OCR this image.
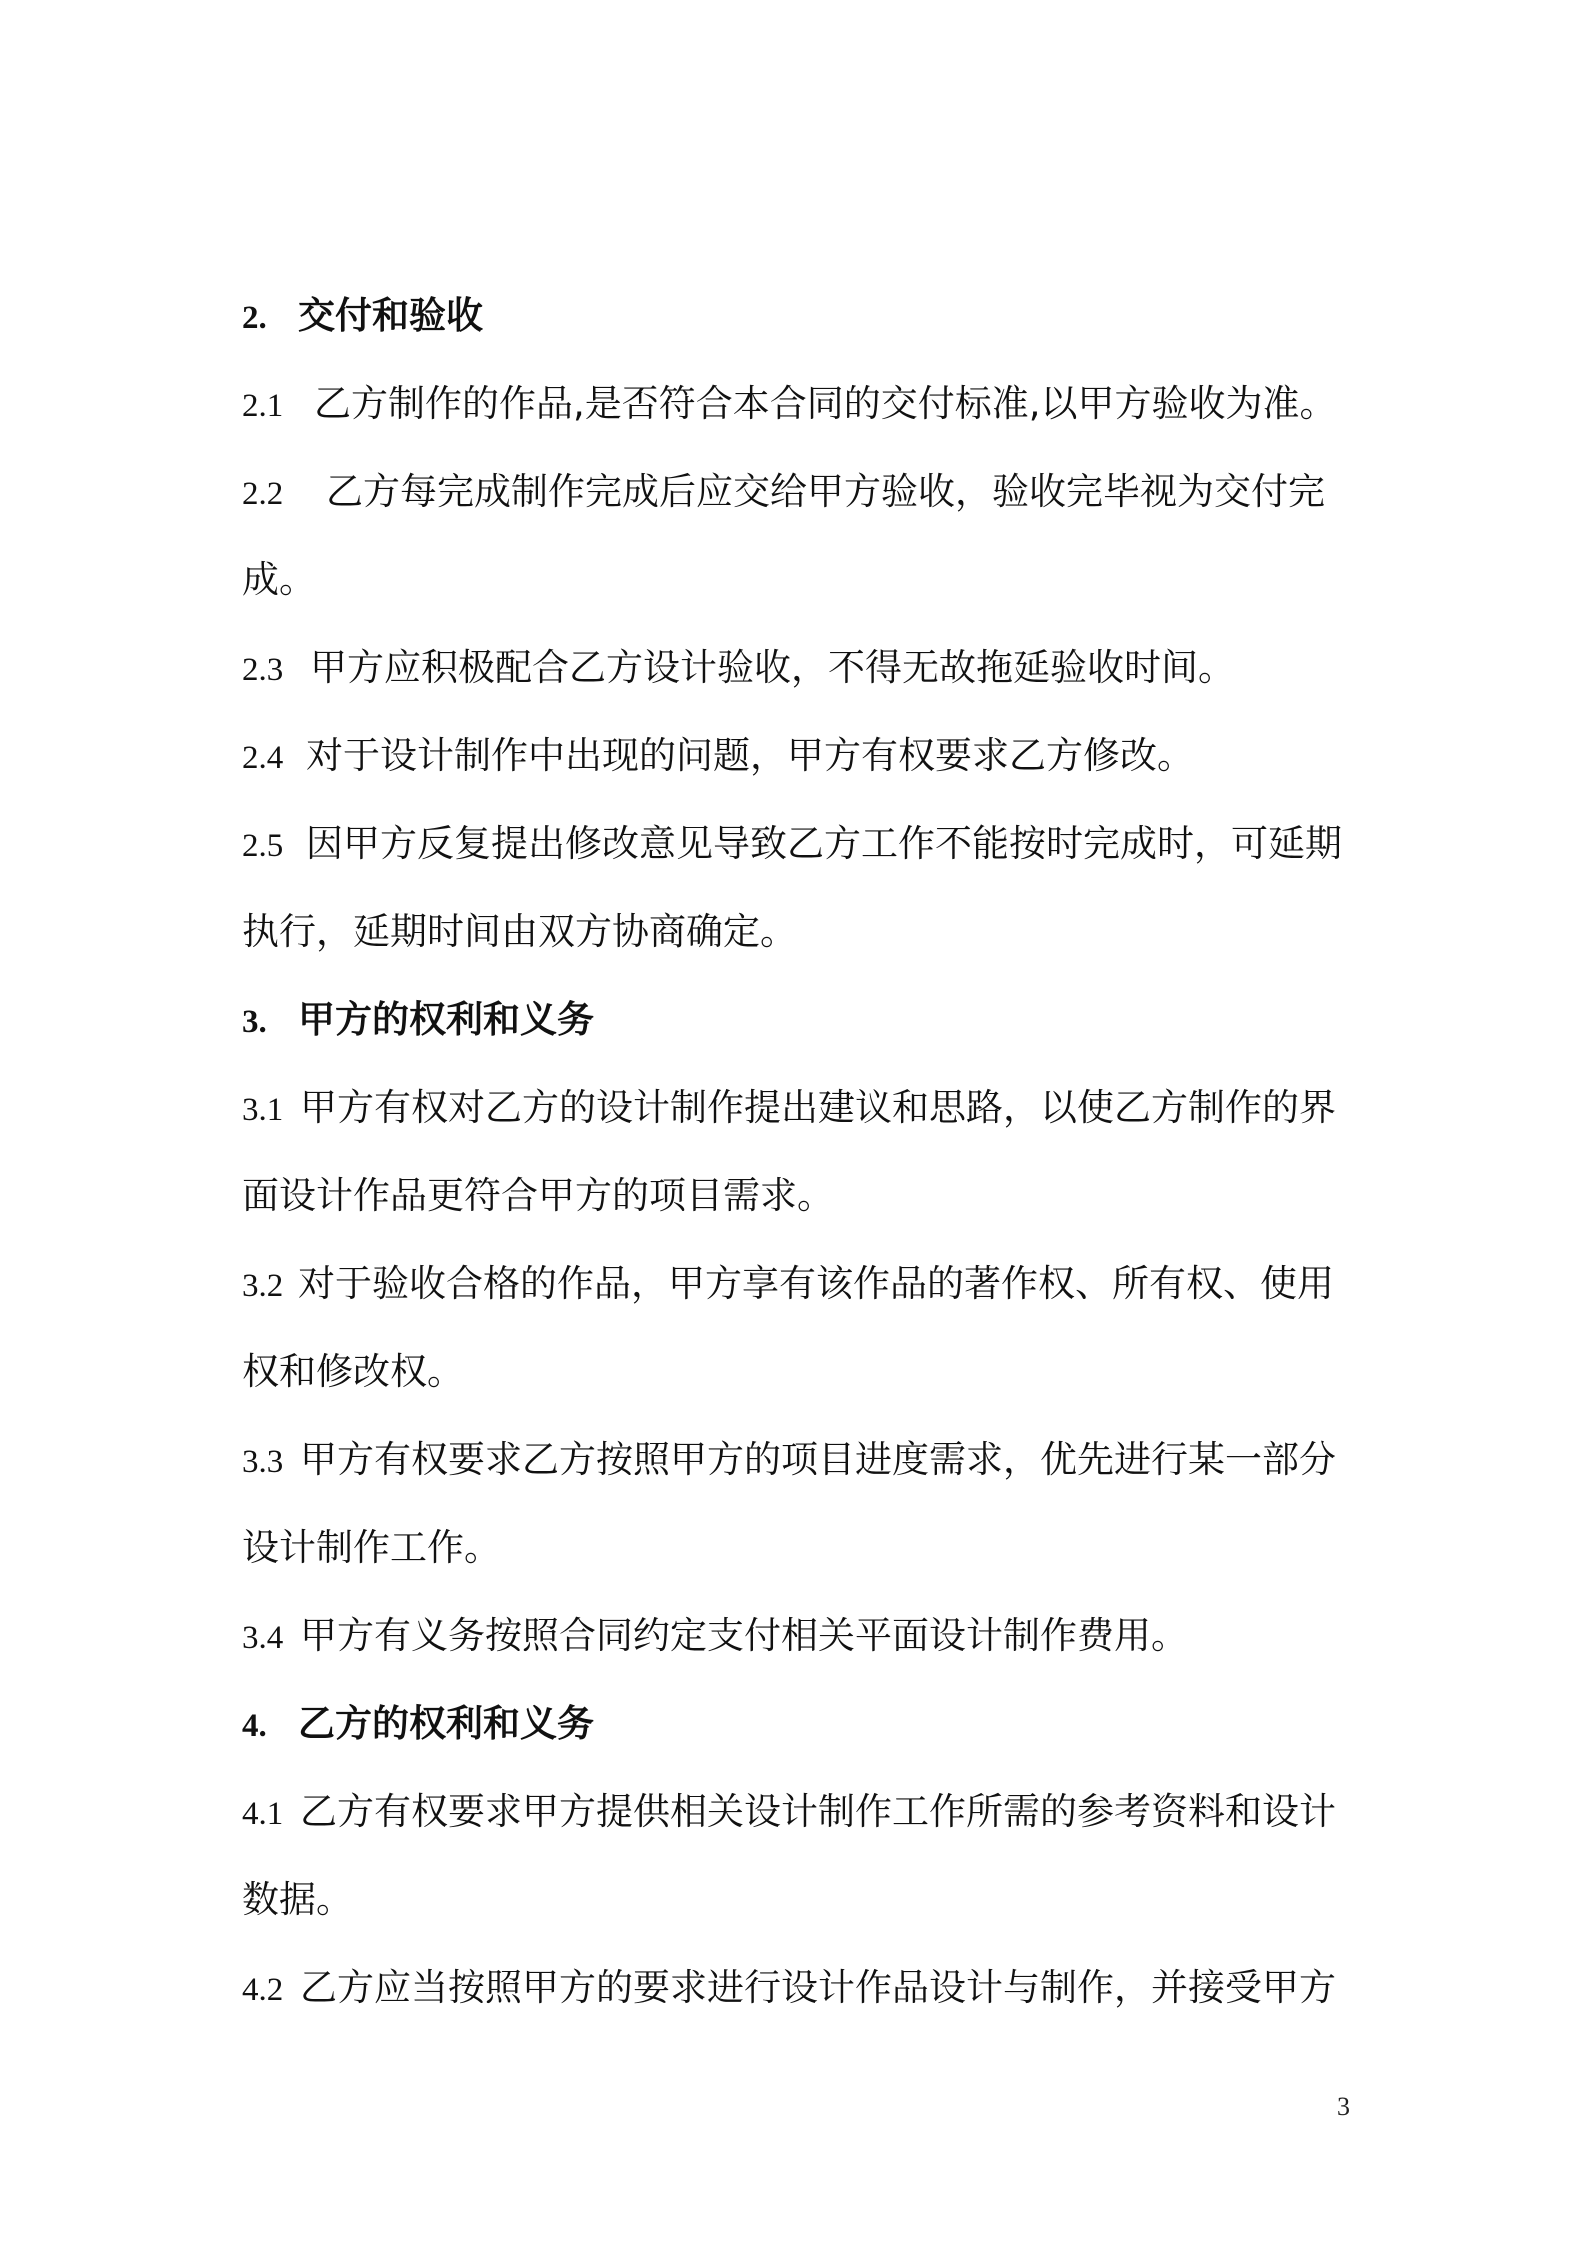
2. 交付和验收
2.1 乙方制作的作品,是否符合本合同的交付标准,以甲方验收为准。
2.2 乙方每完成制作完成后应交给甲方验收，验收完毕视为交付完
成。
2.3 甲方应积极配合乙方设计验收，不得无故拖延验收时间。
2.4 对于设计制作中出现的问题，甲方有权要求乙方修改。
2.5 因甲方反复提出修改意见导致乙方工作不能按时完成时，可延期
执行，延期时间由双方协商确定。
3. 甲方的权利和义务
3.1 甲方有权对乙方的设计制作提出建议和思路，以使乙方制作的界
面设计作品更符合甲方的项目需求。
3.2 对于验收合格的作品，甲方享有该作品的著作权、所有权、使用
权和修改权。
3.3 甲方有权要求乙方按照甲方的项目进度需求，优先进行某一部分
设计制作工作。
3.4 甲方有义务按照合同约定支付相关平面设计制作费用。
4. 乙方的权利和义务
4.1 乙方有权要求甲方提供相关设计制作工作所需的参考资料和设计
数据。
4.2 乙方应当按照甲方的要求进行设计作品设计与制作，并接受甲方
3
